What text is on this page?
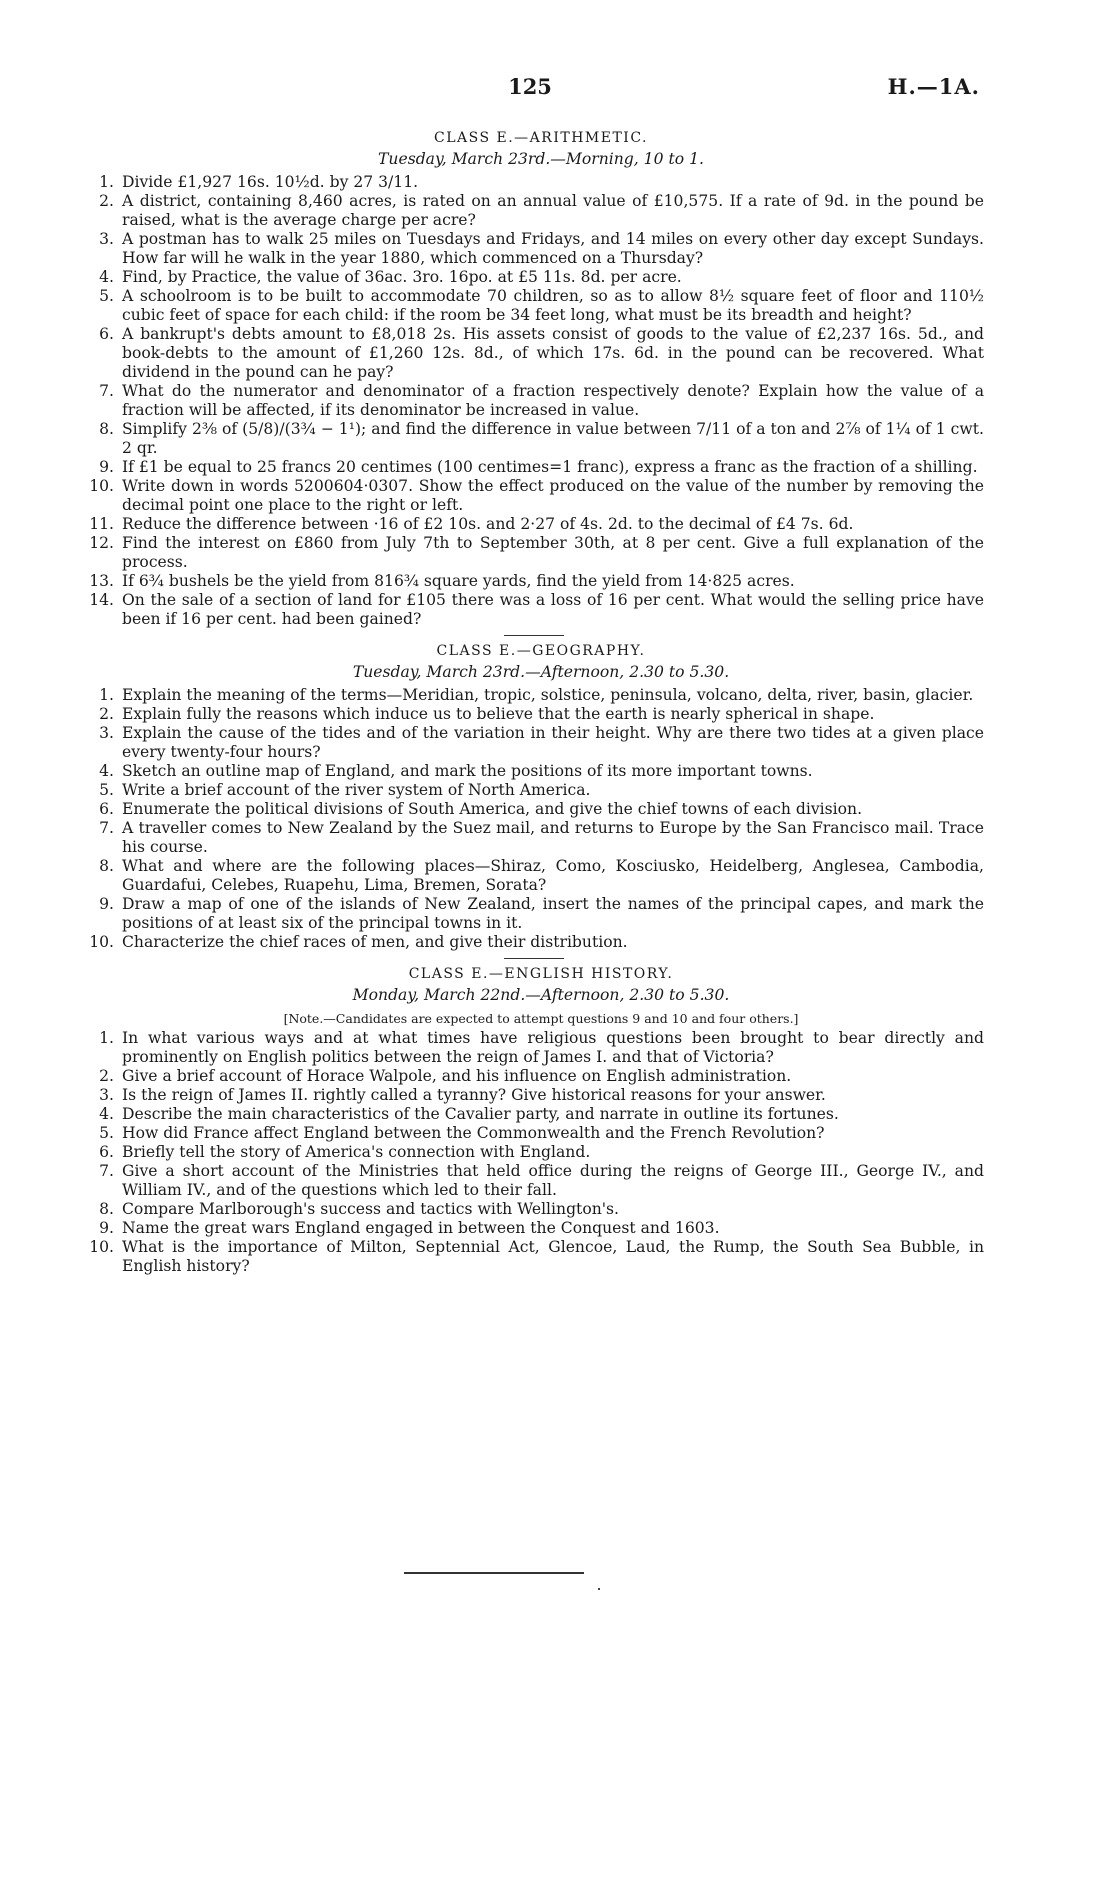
125	H.—1A.
CLASS E.—ARITHMETIC.
Tuesday, March 23rd.—Morning, 10 to 1.

1. Divide £1,927 16s. 10½d. by 27 3/11.

2. A district, containing 8,460 acres, is rated on an annual value of £10,575. If a rate of 9d. in the pound be raised, what is the average charge per acre?

3. A postman has to walk 25 miles on Tuesdays and Fridays, and 14 miles on every other day except Sundays. How far will he walk in the year 1880, which commenced on a Thursday?

4. Find, by Practice, the value of 36ac. 3ro. 16po. at £5 11s. 8d. per acre.

5. A schoolroom is to be built to accommodate 70 children, so as to allow 8½ square feet of floor and 110½ cubic feet of space for each child: if the room be 34 feet long, what must be its breadth and height?

6. A bankrupt's debts amount to £8,018 2s. His assets consist of goods to the value of £2,237 16s. 5d., and book-debts to the amount of £1,260 12s. 8d., of which 17s. 6d. in the pound can be recovered. What dividend in the pound can he pay?

7. What do the numerator and denominator of a fraction respectively denote? Explain how the value of a fraction will be affected, if its denominator be increased in value.

8. Simplify 2⅜ of (5/8)/(3¾ − 1¹); and find the difference in value between 7/11 of a ton and 2⅞ of 1¼ of 1 cwt. 2 qr.

9. If £1 be equal to 25 francs 20 centimes (100 centimes=1 franc), express a franc as the fraction of a shilling.

10. Write down in words 5200604·0307. Show the effect produced on the value of the number by removing the decimal point one place to the right or left.

11. Reduce the difference between ·16 of £2 10s. and 2·27 of 4s. 2d. to the decimal of £4 7s. 6d.

12. Find the interest on £860 from July 7th to September 30th, at 8 per cent. Give a full explanation of the process.

13. If 6¾ bushels be the yield from 816¾ square yards, find the yield from 14·825 acres.

14. On the sale of a section of land for £105 there was a loss of 16 per cent. What would the selling price have been if 16 per cent. had been gained?

CLASS E.—GEOGRAPHY.
Tuesday, March 23rd.—Afternoon, 2.30 to 5.30.

1. Explain the meaning of the terms—Meridian, tropic, solstice, peninsula, volcano, delta, river, basin, glacier.

2. Explain fully the reasons which induce us to believe that the earth is nearly spherical in shape.

3. Explain the cause of the tides and of the variation in their height. Why are there two tides at a given place every twenty-four hours?

4. Sketch an outline map of England, and mark the positions of its more important towns.

5. Write a brief account of the river system of North America.

6. Enumerate the political divisions of South America, and give the chief towns of each division.

7. A traveller comes to New Zealand by the Suez mail, and returns to Europe by the San Francisco mail. Trace his course.

8. What and where are the following places—Shiraz, Como, Kosciusko, Heidelberg, Anglesea, Cambodia, Guardafui, Celebes, Ruapehu, Lima, Bremen, Sorata?

9. Draw a map of one of the islands of New Zealand, insert the names of the principal capes, and mark the positions of at least six of the principal towns in it.

10. Characterize the chief races of men, and give their distribution.

CLASS E.—ENGLISH HISTORY.
Monday, March 22nd.—Afternoon, 2.30 to 5.30.
[Note.—Candidates are expected to attempt questions 9 and 10 and four others.]

1. In what various ways and at what times have religious questions been brought to bear directly and prominently on English politics between the reign of James I. and that of Victoria?

2. Give a brief account of Horace Walpole, and his influence on English administration.

3. Is the reign of James II. rightly called a tyranny? Give historical reasons for your answer.

4. Describe the main characteristics of the Cavalier party, and narrate in outline its fortunes.

5. How did France affect England between the Commonwealth and the French Revolution?

6. Briefly tell the story of America's connection with England.

7. Give a short account of the Ministries that held office during the reigns of George III., George IV., and William IV., and of the questions which led to their fall.

8. Compare Marlborough's success and tactics with Wellington's.

9. Name the great wars England engaged in between the Conquest and 1603.

10. What is the importance of Milton, Septennial Act, Glencoe, Laud, the Rump, the South Sea Bubble, in English history?
